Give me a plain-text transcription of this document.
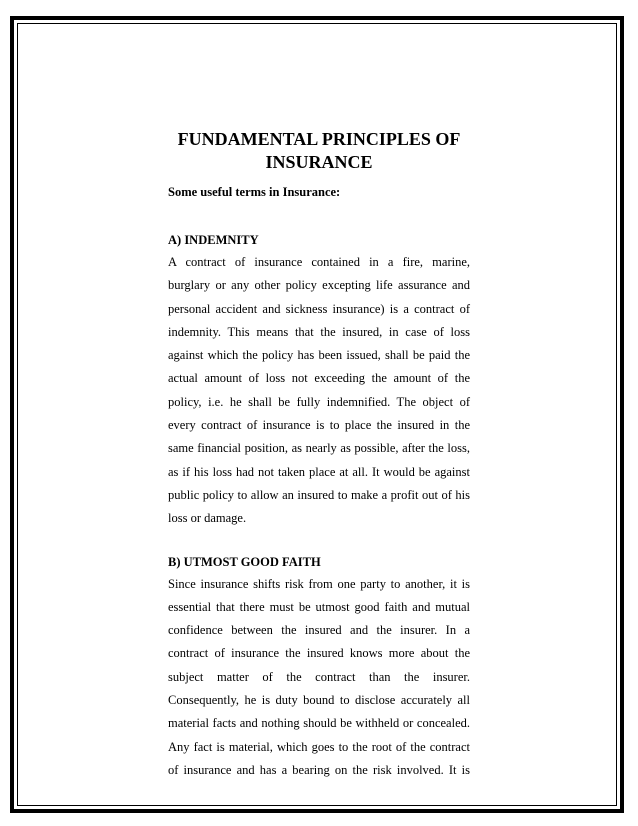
FUNDAMENTAL PRINCIPLES OF INSURANCE

Some useful terms in Insurance:

A) INDEMNITY

A contract of insurance contained in a fire, marine,
burglary or any other policy excepting life assurance and
personal accident and sickness insurance) is a contract of
indemnity. This means that the insured, in case of loss
against which the policy has been issued, shall be paid the
actual amount of loss not exceeding the amount of the
policy, i.e. he shall be fully indemnified. The object of
every contract of insurance is to place the insured in the
same financial position, as nearly as possible, after the loss,
as if his loss had not taken place at all. It would be against
public policy to allow an insured to make a profit out of his
loss or damage.

B) UTMOST GOOD FAITH

Since insurance shifts risk from one party to another, it is
essential that there must be utmost good faith and mutual
confidence between the insured and the insurer. In a
contract of insurance the insured knows more about the
subject matter of the contract than the insurer.
Consequently, he is duty bound to disclose accurately all
material facts and nothing should be withheld or concealed.
Any fact is material, which goes to the root of the contract
of insurance and has a bearing on the risk involved. It is
